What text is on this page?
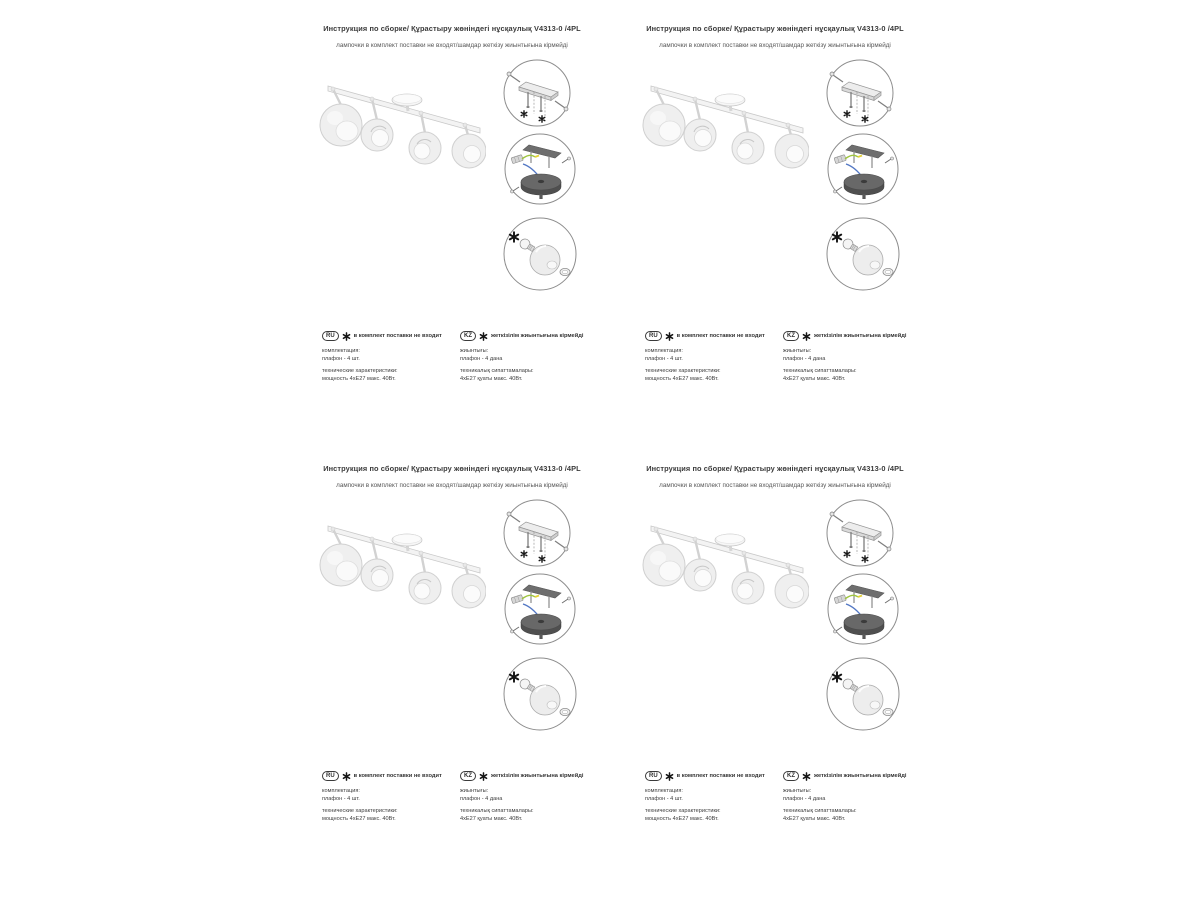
Инструкция по сборке/ Құрастыру жөніндегі нұсқаулық V4313-0 /4PL

лампочки в комплект поставки не входят/шамдар жеткізу жиынтығына кірмейді

RU	в комплект поставки не входит
комплектация:
плафон - 4 шт.
технические характеристики:
мощность 4хЕ27 макс. 40Вт.
KZ	жеткізілім жиынтығына кірмейді
жиынтығы:
плафон - 4 дана
техникалық сипаттамалары:
4хЕ27 қуаты макс. 40Вт.
Инструкция по сборке/ Құрастыру жөніндегі нұсқаулық V4313-0 /4PL

лампочки в комплект поставки не входят/шамдар жеткізу жиынтығына кірмейді

RU	в комплект поставки не входит
комплектация:
плафон - 4 шт.
технические характеристики:
мощность 4хЕ27 макс. 40Вт.
KZ	жеткізілім жиынтығына кірмейді
жиынтығы:
плафон - 4 дана
техникалық сипаттамалары:
4хЕ27 қуаты макс. 40Вт.
Инструкция по сборке/ Құрастыру жөніндегі нұсқаулық V4313-0 /4PL

лампочки в комплект поставки не входят/шамдар жеткізу жиынтығына кірмейді

RU	в комплект поставки не входит
комплектация:
плафон - 4 шт.
технические характеристики:
мощность 4хЕ27 макс. 40Вт.
KZ	жеткізілім жиынтығына кірмейді
жиынтығы:
плафон - 4 дана
техникалық сипаттамалары:
4хЕ27 қуаты макс. 40Вт.
Инструкция по сборке/ Құрастыру жөніндегі нұсқаулық V4313-0 /4PL

лампочки в комплект поставки не входят/шамдар жеткізу жиынтығына кірмейді

RU	в комплект поставки не входит
комплектация:
плафон - 4 шт.
технические характеристики:
мощность 4хЕ27 макс. 40Вт.
KZ	жеткізілім жиынтығына кірмейді
жиынтығы:
плафон - 4 дана
техникалық сипаттамалары:
4хЕ27 қуаты макс. 40Вт.
